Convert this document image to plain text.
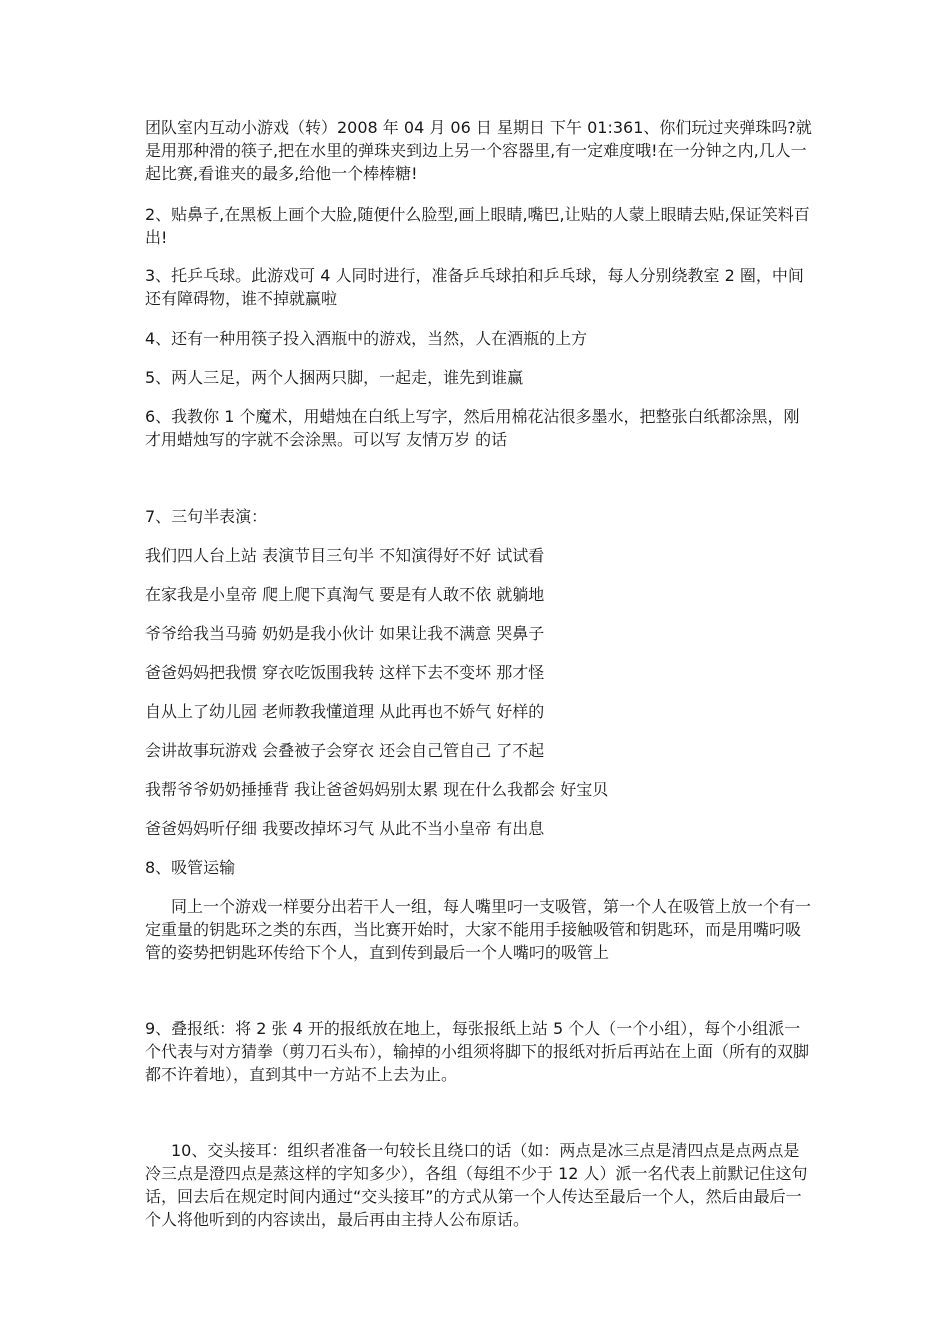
团队室内互动小游戏（转）2008 年 04 月 06 日 星期日 下午 01:361、你们玩过夹弹珠吗?就是用那种滑的筷子,把在水里的弹珠夹到边上另一个容器里,有一定难度哦!在一分钟之内,几人一起比赛,看谁夹的最多,给他一个棒棒糖!

2、贴鼻子,在黑板上画个大脸,随便什么脸型,画上眼睛,嘴巴,让贴的人蒙上眼睛去贴,保证笑料百出!

3、托乒乓球。此游戏可 4 人同时进行，准备乒乓球拍和乒乓球，每人分别绕教室 2 圈，中间还有障碍物，谁不掉就赢啦

4、还有一种用筷子投入酒瓶中的游戏，当然，人在酒瓶的上方

5、两人三足，两个人捆两只脚，一起走，谁先到谁赢

6、我教你 1 个魔术，用蜡烛在白纸上写字，然后用棉花沾很多墨水，把整张白纸都涂黑，刚才用蜡烛写的字就不会涂黑。可以写 友情万岁 的话

7、三句半表演：

我们四人台上站 表演节目三句半 不知演得好不好 试试看

在家我是小皇帝 爬上爬下真淘气 要是有人敢不依 就躺地

爷爷给我当马骑 奶奶是我小伙计 如果让我不满意 哭鼻子

爸爸妈妈把我惯 穿衣吃饭围我转 这样下去不变坏 那才怪

自从上了幼儿园 老师教我懂道理 从此再也不娇气 好样的

会讲故事玩游戏 会叠被子会穿衣 还会自己管自己 了不起

我帮爷爷奶奶捶捶背 我让爸爸妈妈别太累 现在什么我都会 好宝贝

爸爸妈妈听仔细 我要改掉坏习气 从此不当小皇帝 有出息

8、吸管运输

同上一个游戏一样要分出若干人一组，每人嘴里叼一支吸管，第一个人在吸管上放一个有一定重量的钥匙环之类的东西，当比赛开始时，大家不能用手接触吸管和钥匙环，而是用嘴叼吸管的姿势把钥匙环传给下个人，直到传到最后一个人嘴叼的吸管上

9、叠报纸：将 2 张 4 开的报纸放在地上，每张报纸上站 5 个人（一个小组），每个小组派一个代表与对方猜拳（剪刀石头布），输掉的小组须将脚下的报纸对折后再站在上面（所有的双脚都不许着地），直到其中一方站不上去为止。

10、交头接耳：组织者准备一句较长且绕口的话（如：两点是冰三点是清四点是点两点是冷三点是澄四点是蒸这样的字知多少），各组（每组不少于 12 人）派一名代表上前默记住这句话，回去后在规定时间内通过“交头接耳”的方式从第一个人传达至最后一个人，然后由最后一个人将他听到的内容读出，最后再由主持人公布原话。
